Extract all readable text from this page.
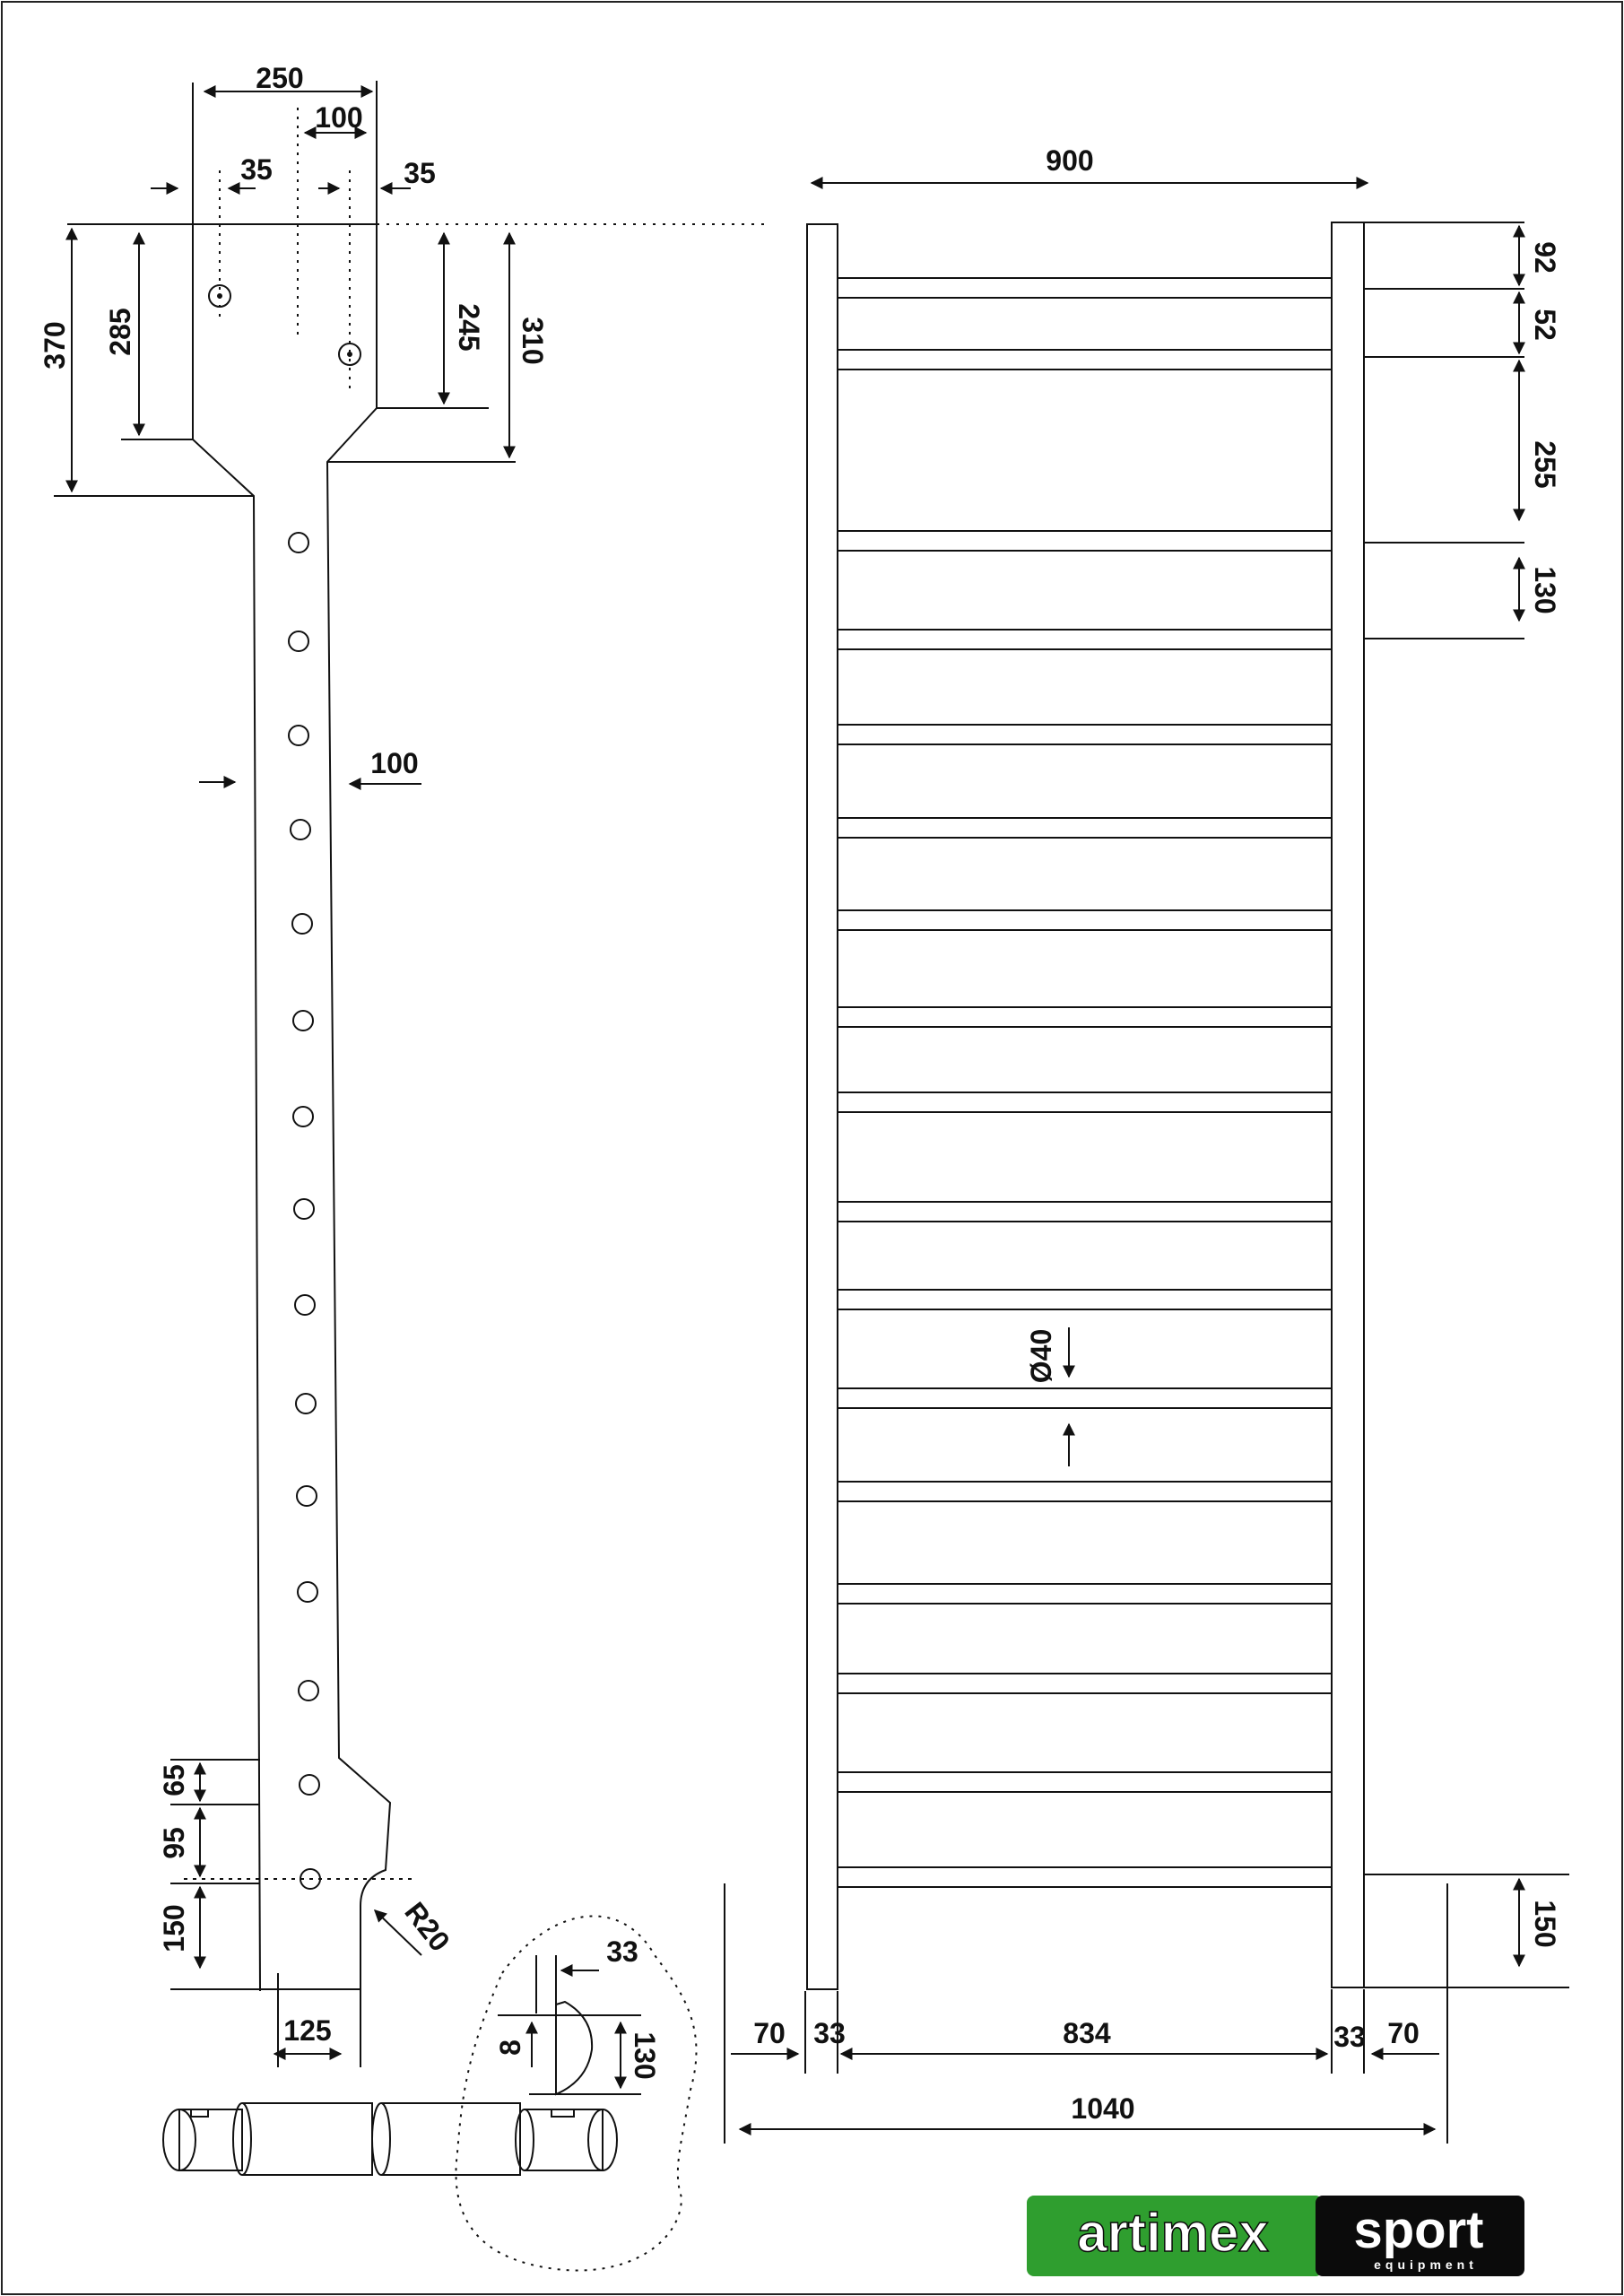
250
100
35	35
370 285	245 310
100
65
95
150	R20
125
33
8	130
900
92
52
255
130
Ø40
150
70 33	834	33 70
1040
artimex sport
equipment
